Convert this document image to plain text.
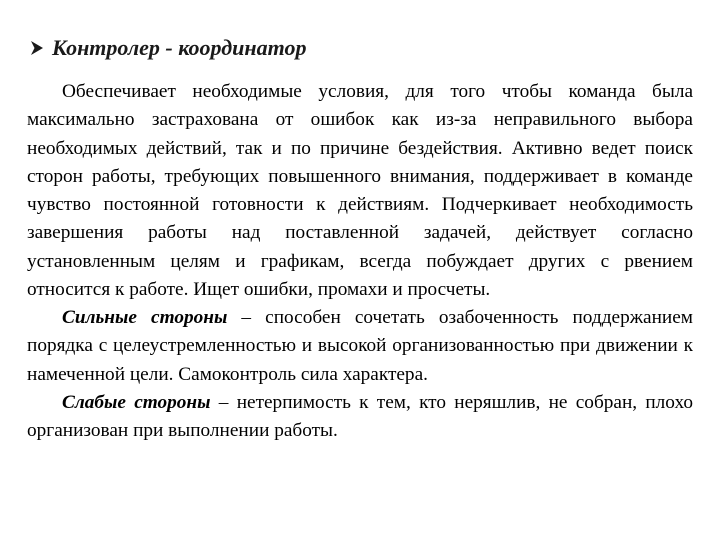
Контролер - координатор

Обеспечивает необходимые условия, для того чтобы команда была максимально застрахована от ошибок как из-за неправильного выбора необходимых действий, так и по причине бездействия. Активно ведет поиск сторон работы, требующих повышенного внимания, поддерживает в команде чувство постоянной готовности к действиям. Подчеркивает необходимость завершения работы над поставленной задачей, действует согласно установленным целям и графикам, всегда побуждает других с рвением относится к работе. Ищет ошибки, промахи и просчеты.

Сильные стороны – способен сочетать озабоченность поддержанием порядка с целеустремленностью и высокой организованностью при движении к намеченной цели. Самоконтроль сила характера.

Слабые стороны – нетерпимость к тем, кто неряшлив, не собран, плохо организован при выполнении работы.
